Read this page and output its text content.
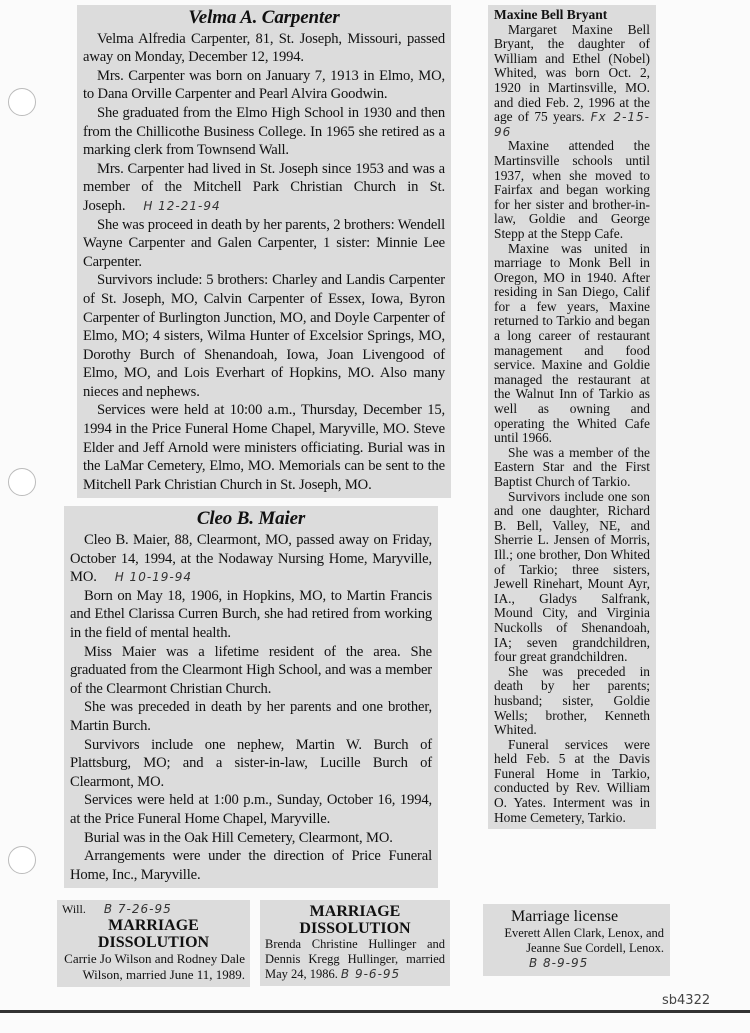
Velma A. Carpenter

Velma Alfredia Carpenter, 81, St. Joseph, Missouri, passed away on Monday, December 12, 1994.

Mrs. Carpenter was born on January 7, 1913 in Elmo, MO, to Dana Orville Carpenter and Pearl Alvira Goodwin.

She graduated from the Elmo High School in 1930 and then from the Chillicothe Business College. In 1965 she retired as a marking clerk from Townsend Wall.

Mrs. Carpenter had lived in St. Joseph since 1953 and was a member of the Mitchell Park Christian Church in St. Joseph. H 12-21-94

She was proceed in death by her parents, 2 brothers: Wendell Wayne Carpenter and Galen Carpenter, 1 sister: Minnie Lee Carpenter.

Survivors include: 5 brothers: Charley and Landis Carpenter of St. Joseph, MO, Calvin Carpenter of Essex, Iowa, Byron Carpenter of Burlington Junction, MO, and Doyle Carpenter of Elmo, MO; 4 sisters, Wilma Hunter of Excelsior Springs, MO, Dorothy Burch of Shenandoah, Iowa, Joan Livengood of Elmo, MO, and Lois Everhart of Hopkins, MO. Also many nieces and nephews.

Services were held at 10:00 a.m., Thursday, December 15, 1994 in the Price Funeral Home Chapel, Maryville, MO. Steve Elder and Jeff Arnold were ministers officiating. Burial was in the LaMar Cemetery, Elmo, MO. Memorials can be sent to the Mitchell Park Christian Church in St. Joseph, MO.

Cleo B. Maier

Cleo B. Maier, 88, Clearmont, MO, passed away on Friday, October 14, 1994, at the Nodaway Nursing Home, Maryville, MO. H 10-19-94

Born on May 18, 1906, in Hopkins, MO, to Martin Francis and Ethel Clarissa Curren Burch, she had retired from working in the field of mental health.

Miss Maier was a lifetime resident of the area. She graduated from the Clearmont High School, and was a member of the Clearmont Christian Church.

She was preceded in death by her parents and one brother, Martin Burch.

Survivors include one nephew, Martin W. Burch of Plattsburg, MO; and a sister-in-law, Lucille Burch of Clearmont, MO.

Services were held at 1:00 p.m., Sunday, October 16, 1994, at the Price Funeral Home Chapel, Maryville.

Burial was in the Oak Hill Cemetery, Clearmont, MO.

Arrangements were under the direction of Price Funeral Home, Inc., Maryville.

Maxine Bell Bryant

Margaret Maxine Bell Bryant, the daughter of William and Ethel (Nobel) Whited, was born Oct. 2, 1920 in Martinsville, MO. and died Feb. 2, 1996 at the age of 75 years. Fx 2-15-96

Maxine attended the Martinsville schools until 1937, when she moved to Fairfax and began working for her sister and brother-in-law, Goldie and George Stepp at the Stepp Cafe.

Maxine was united in marriage to Monk Bell in Oregon, MO in 1940. After residing in San Diego, Calif for a few years, Maxine returned to Tarkio and began a long career of restaurant management and food service. Maxine and Goldie managed the restaurant at the Walnut Inn of Tarkio as well as owning and operating the Whited Cafe until 1966.

She was a member of the Eastern Star and the First Baptist Church of Tarkio.

Survivors include one son and one daughter, Richard B. Bell, Valley, NE, and Sherrie L. Jensen of Morris, Ill.; one brother, Don Whited of Tarkio; three sisters, Jewell Rinehart, Mount Ayr, IA., Gladys Salfrank, Mound City, and Virginia Nuckolls of Shenandoah, IA; seven grandchildren, four great grandchildren.

She was preceded in death by her parents; husband; sister, Goldie Wells; brother, Kenneth Whited.

Funeral services were held Feb. 5 at the Davis Funeral Home in Tarkio, conducted by Rev. William O. Yates. Interment was in Home Cemetery, Tarkio.

Will. B 7-26-95
MARRIAGE
DISSOLUTION
Carrie Jo Wilson and Rodney Dale Wilson, married June 11, 1989.
MARRIAGE
DISSOLUTION
Brenda Christine Hullinger and Dennis Kregg Hullinger, married May 24, 1986. B 9-6-95
Marriage license
Everett Allen Clark, Lenox, and Jeanne Sue Cordell, Lenox.
B 8-9-95
sb4322
